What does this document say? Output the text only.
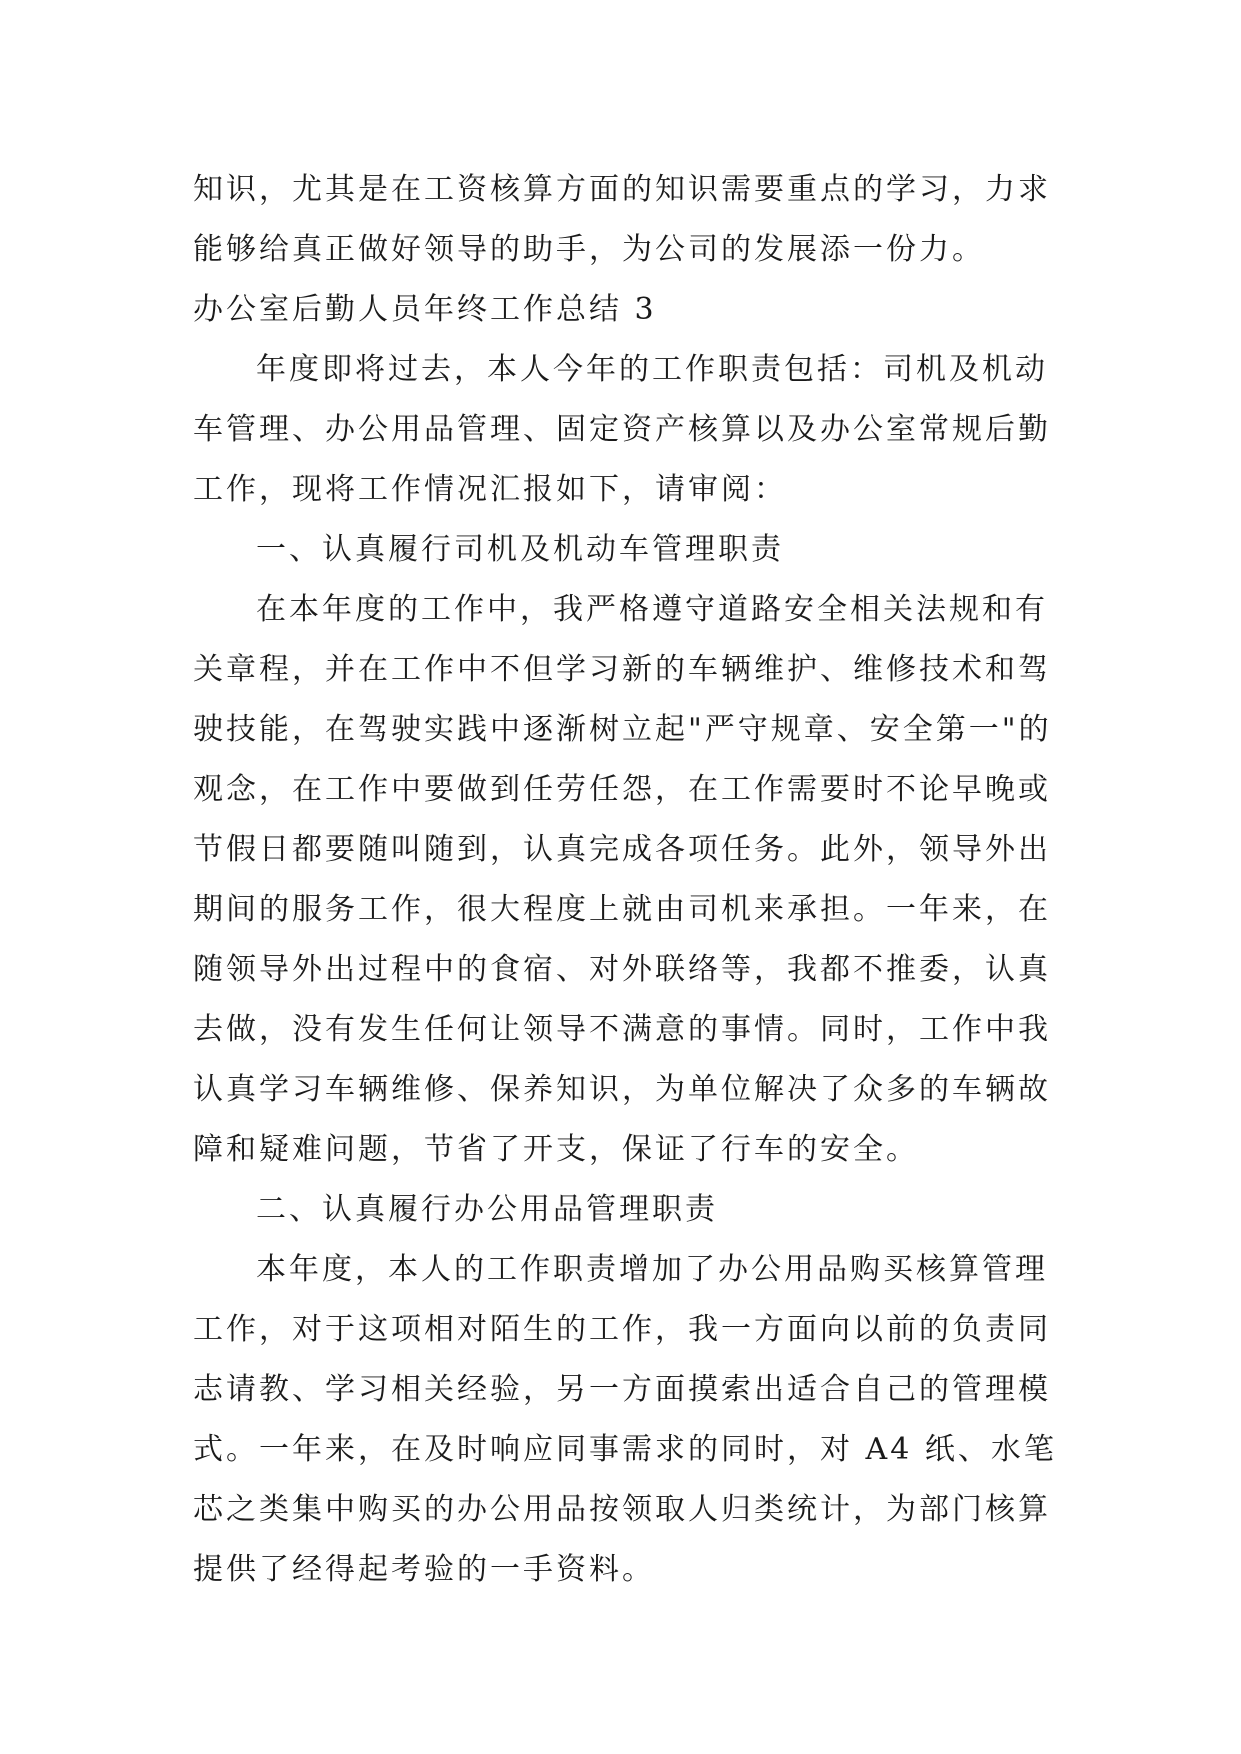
知识，尤其是在工资核算方面的知识需要重点的学习，力求
能够给真正做好领导的助手，为公司的发展添一份力。
办公室后勤人员年终工作总结 3
年度即将过去，本人今年的工作职责包括：司机及机动
车管理、办公用品管理、固定资产核算以及办公室常规后勤
工作，现将工作情况汇报如下，请审阅：
一、认真履行司机及机动车管理职责
在本年度的工作中，我严格遵守道路安全相关法规和有
关章程，并在工作中不但学习新的车辆维护、维修技术和驾
驶技能，在驾驶实践中逐渐树立起"严守规章、安全第一"的
观念，在工作中要做到任劳任怨，在工作需要时不论早晚或
节假日都要随叫随到，认真完成各项任务。此外，领导外出
期间的服务工作，很大程度上就由司机来承担。一年来，在
随领导外出过程中的食宿、对外联络等，我都不推委，认真
去做，没有发生任何让领导不满意的事情。同时，工作中我
认真学习车辆维修、保养知识，为单位解决了众多的车辆故
障和疑难问题，节省了开支，保证了行车的安全。
二、认真履行办公用品管理职责
本年度，本人的工作职责增加了办公用品购买核算管理
工作，对于这项相对陌生的工作，我一方面向以前的负责同
志请教、学习相关经验，另一方面摸索出适合自己的管理模
式。一年来，在及时响应同事需求的同时，对 A4 纸、水笔
芯之类集中购买的办公用品按领取人归类统计，为部门核算
提供了经得起考验的一手资料。
